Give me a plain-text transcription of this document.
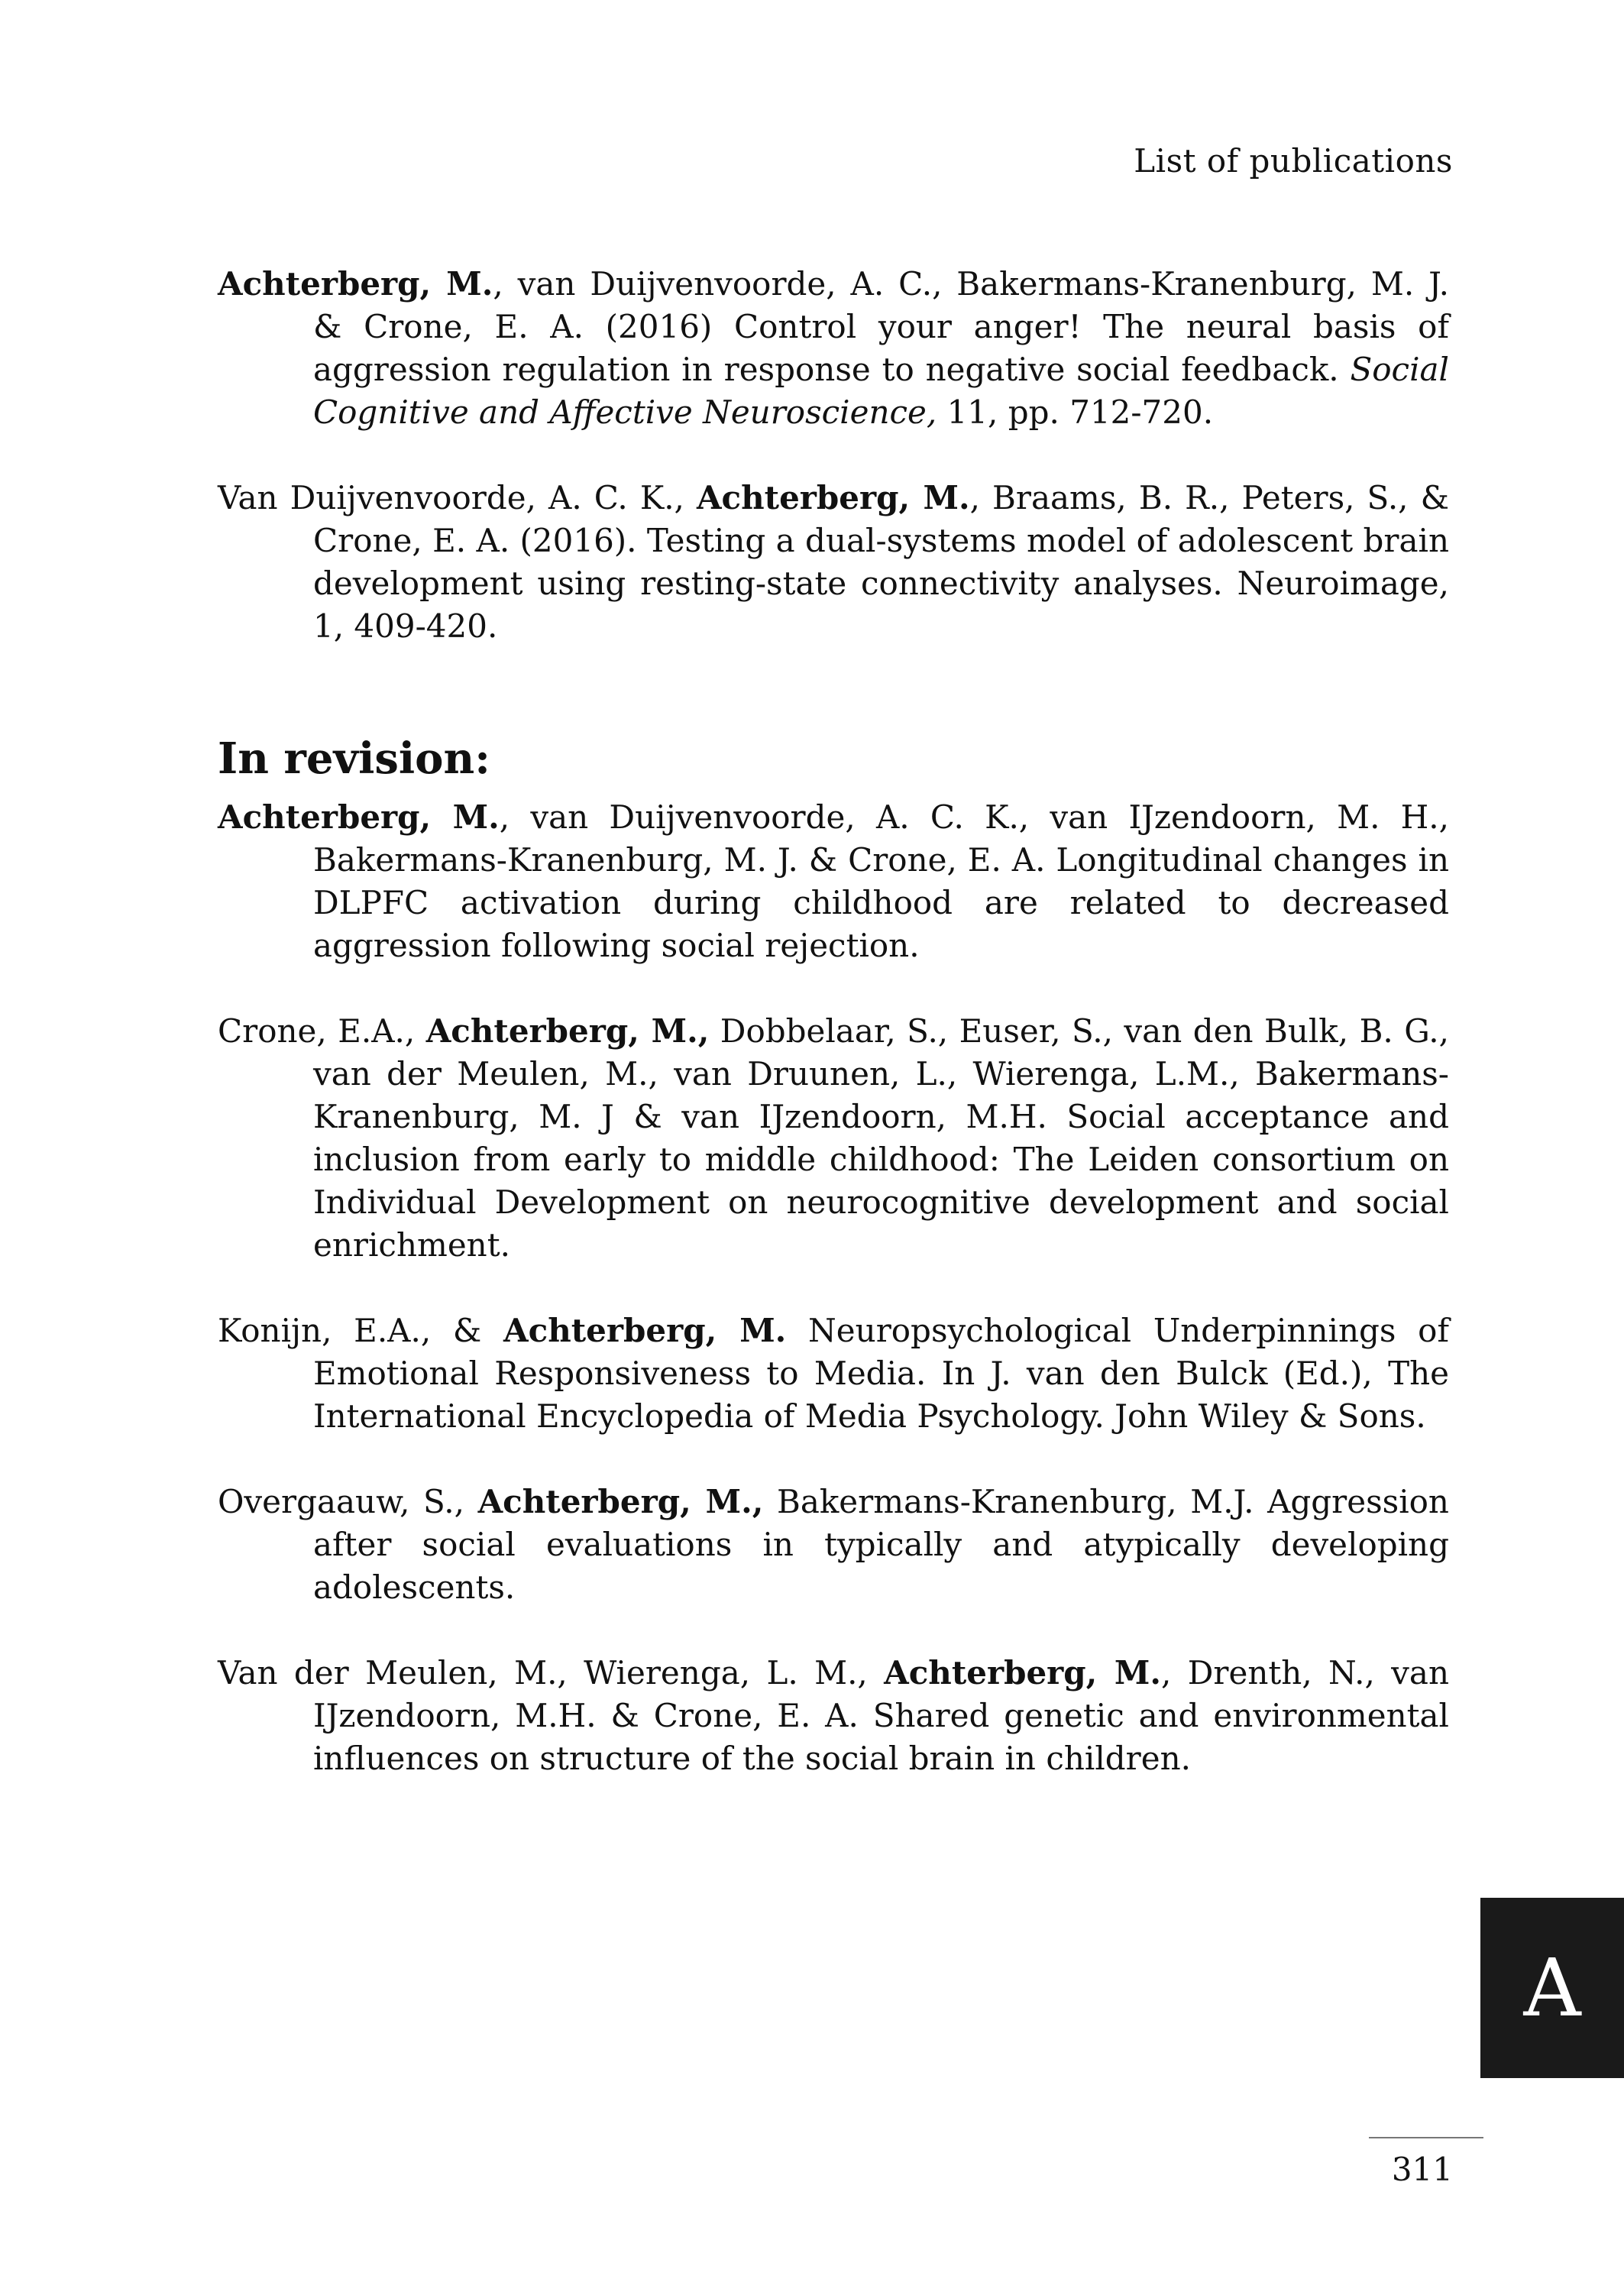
List of publications

Achterberg, M., van Duijvenvoorde, A. C., Bakermans-Kranenburg, M. J. & Crone, E. A. (2016) Control your anger! The neural basis of aggression regulation in response to negative social feedback. Social Cognitive and Affective Neuroscience, 11, pp. 712-720.

Van Duijvenvoorde, A. C. K., Achterberg, M., Braams, B. R., Peters, S., & Crone, E. A. (2016). Testing a dual-systems model of adolescent brain development using resting-state connectivity analyses. Neuroimage, 1, 409-420.

In revision:

Achterberg, M., van Duijvenvoorde, A. C. K., van IJzendoorn, M. H., Bakermans-Kranenburg, M. J. & Crone, E. A. Longitudinal changes in DLPFC activation during childhood are related to decreased aggression following social rejection.

Crone, E.A., Achterberg, M., Dobbelaar, S., Euser, S., van den Bulk, B. G., van der Meulen, M., van Druunen, L., Wierenga, L.M., Bakermans-Kranenburg, M. J & van IJzendoorn, M.H. Social acceptance and inclusion from early to middle childhood: The Leiden consortium on Individual Development on neurocognitive development and social enrichment.

Konijn, E.A., & Achterberg, M. Neuropsychological Underpinnings of Emotional Responsiveness to Media. In J. van den Bulck (Ed.), The International Encyclopedia of Media Psychology. John Wiley & Sons.

Overgaauw, S., Achterberg, M., Bakermans-Kranenburg, M.J. Aggression after social evaluations in typically and atypically developing adolescents.

Van der Meulen, M., Wierenga, L. M., Achterberg, M., Drenth, N., van IJzendoorn, M.H. & Crone, E. A. Shared genetic and environmental influences on structure of the social brain in children.

A
311
